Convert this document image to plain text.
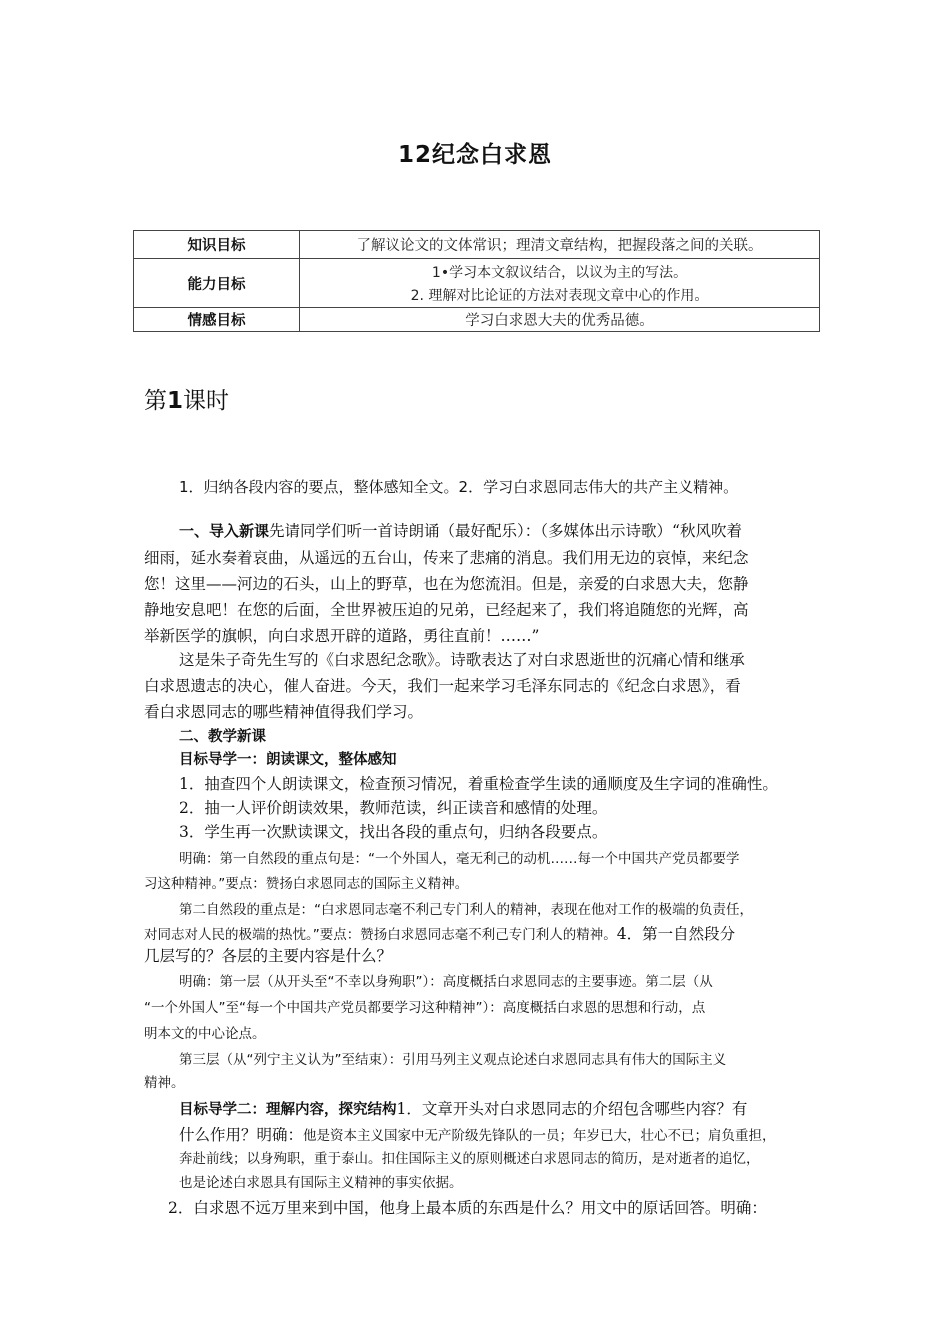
12纪念白求恩
知识目标	了解议论文的文体常识；理清文章结构，把握段落之间的关联。
能力目标	1•学习本文叙议结合，以议为主的写法。
2. 理解对比论证的方法对表现文章中心的作用。

情感目标	学习白求恩大夫的优秀品德。
第1课时
1．归纳各段内容的要点，整体感知全文。2．学习白求恩同志伟大的共产主义精神。
一、导入新课先请同学们听一首诗朗诵（最好配乐）：（多媒体出示诗歌）“秋风吹着
细雨，延水奏着哀曲，从遥远的五台山，传来了悲痛的消息。我们用无边的哀悼，来纪念
您！这里——河边的石头，山上的野草，也在为您流泪。但是，亲爱的白求恩大夫，您静
静地安息吧！在您的后面，全世界被压迫的兄弟，已经起来了，我们将追随您的光辉，高
举新医学的旗帜，向白求恩开辟的道路，勇往直前！……”
这是朱子奇先生写的《白求恩纪念歌》。诗歌表达了对白求恩逝世的沉痛心情和继承
白求恩遗志的决心，催人奋进。今天，我们一起来学习毛泽东同志的《纪念白求恩》，看
看白求恩同志的哪些精神值得我们学习。
二、教学新课
目标导学一：朗读课文，整体感知
1．抽查四个人朗读课文，检查预习情况，着重检查学生读的通顺度及生字词的准确性。
2．抽一人评价朗读效果，教师范读，纠正读音和感情的处理。
3．学生再一次默读课文，找出各段的重点句，归纳各段要点。
明确：第一自然段的重点句是：“一个外国人，毫无利己的动机……每一个中国共产党员都要学
习这种精神。”要点：赞扬白求恩同志的国际主义精神。
第二自然段的重点是：“白求恩同志毫不利己专门利人的精神，表现在他对工作的极端的负责任，
对同志对人民的极端的热忱。”要点：赞扬白求恩同志毫不利己专门利人的精神。4．第一自然段分
几层写的？各层的主要内容是什么？
明确：第一层（从开头至“不幸以身殉职”）：高度概括白求恩同志的主要事迹。第二层（从
“一个外国人”至“每一个中国共产党员都要学习这种精神”）：高度概括白求恩的思想和行动，点
明本文的中心论点。
第三层（从“列宁主义认为”至结束）：引用马列主义观点论述白求恩同志具有伟大的国际主义
精神。
目标导学二：理解内容，探究结构1．文章开头对白求恩同志的介绍包含哪些内容？有
什么作用？明确：他是资本主义国家中无产阶级先锋队的一员；年岁已大，壮心不已；肩负重担，
奔赴前线；以身殉职，重于泰山。扣住国际主义的原则概述白求恩同志的简历，是对逝者的追忆，
也是论述白求恩具有国际主义精神的事实依据。
2．白求恩不远万里来到中国，他身上最本质的东西是什么？用文中的原话回答。明确：
